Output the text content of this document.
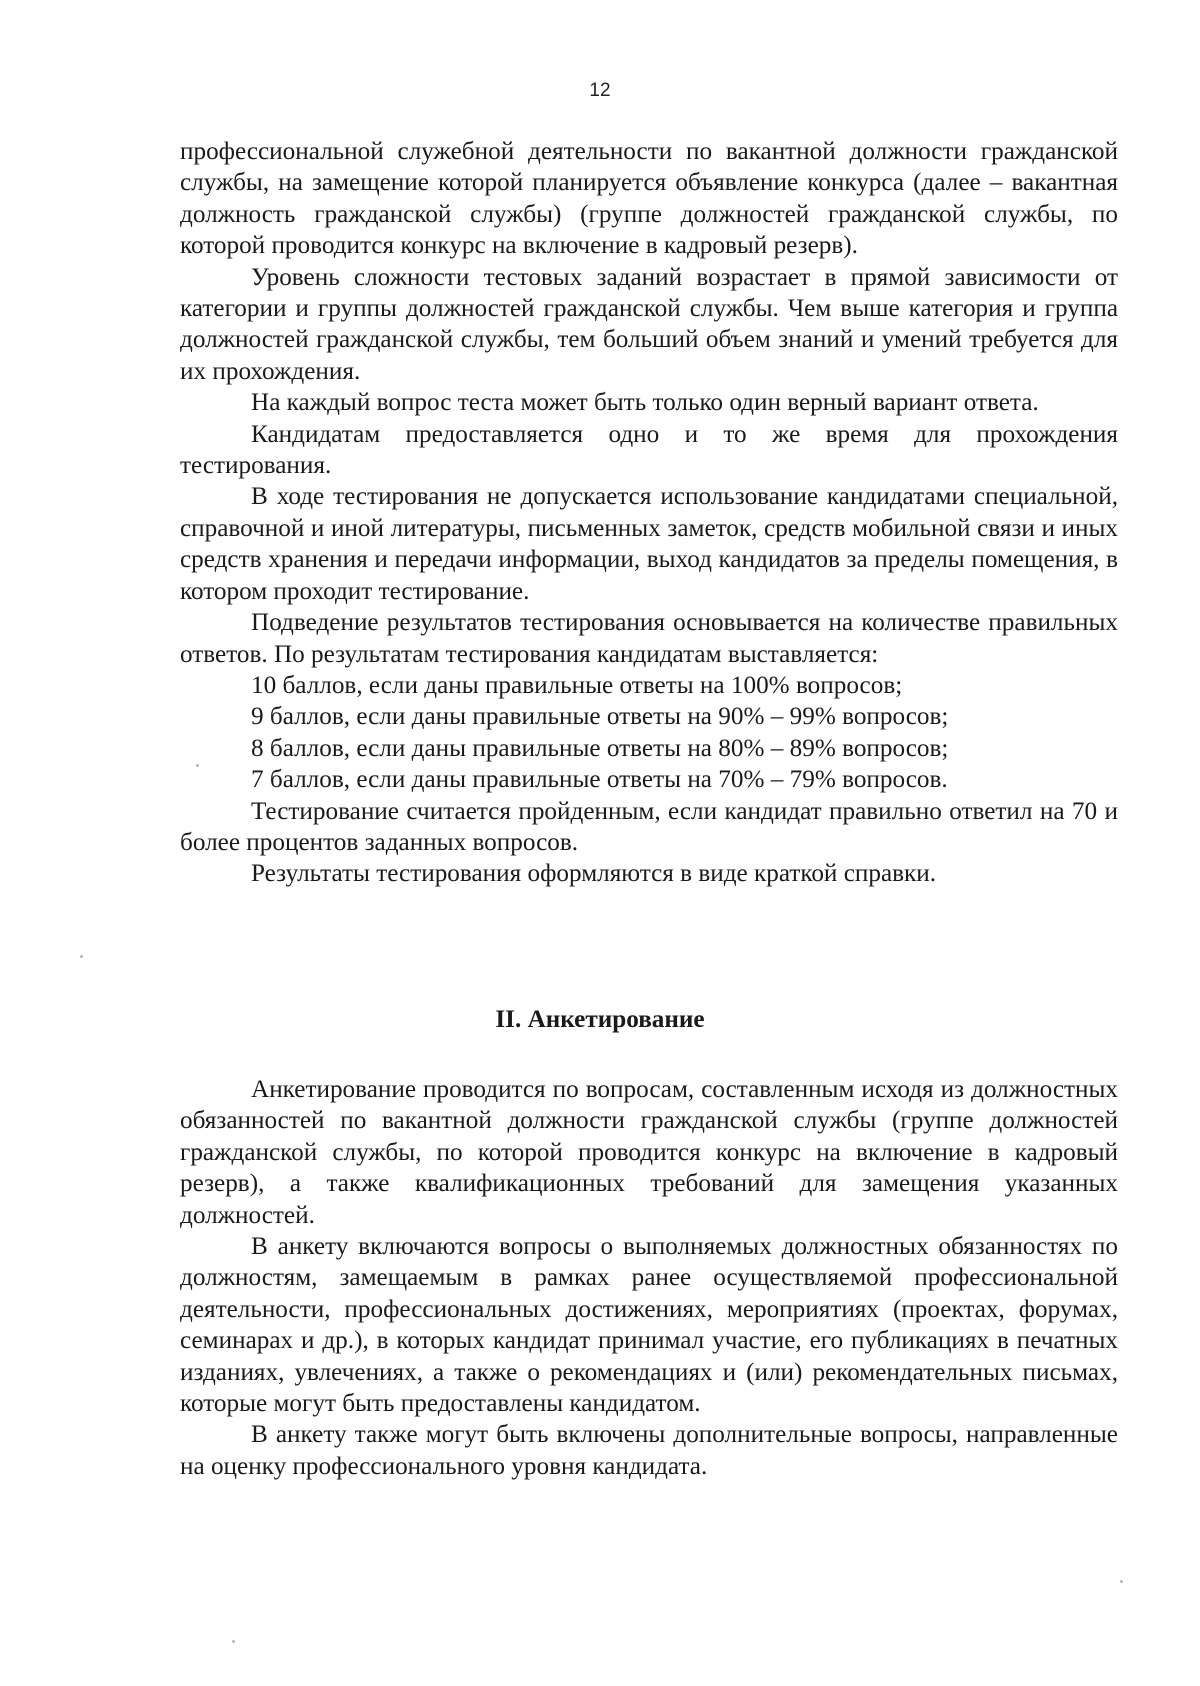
12

профессиональной служебной деятельности по вакантной должности гражданской службы, на замещение которой планируется объявление конкурса (далее – вакантная должность гражданской службы) (группе должностей гражданской службы, по которой проводится конкурс на включение в кадровый резерв).

Уровень сложности тестовых заданий возрастает в прямой зависимости от категории и группы должностей гражданской службы. Чем выше категория и группа должностей гражданской службы, тем больший объем знаний и умений требуется для их прохождения.

На каждый вопрос теста может быть только один верный вариант ответа.

Кандидатам предоставляется одно и то же время для прохождения тестирования.

В ходе тестирования не допускается использование кандидатами специальной, справочной и иной литературы, письменных заметок, средств мобильной связи и иных средств хранения и передачи информации, выход кандидатов за пределы помещения, в котором проходит тестирование.

Подведение результатов тестирования основывается на количестве правильных ответов. По результатам тестирования кандидатам выставляется:

10 баллов, если даны правильные ответы на 100% вопросов;

9 баллов, если даны правильные ответы на 90% – 99% вопросов;

8 баллов, если даны правильные ответы на 80% – 89% вопросов;

7 баллов, если даны правильные ответы на 70% – 79% вопросов.

Тестирование считается пройденным, если кандидат правильно ответил на 70 и более процентов заданных вопросов.

Результаты тестирования оформляются в виде краткой справки.

II. Анкетирование

Анкетирование проводится по вопросам, составленным исходя из должностных обязанностей по вакантной должности гражданской службы (группе должностей гражданской службы, по которой проводится конкурс на включение в кадровый резерв), а также квалификационных требований для замещения указанных должностей.

В анкету включаются вопросы о выполняемых должностных обязанностях по должностям, замещаемым в рамках ранее осуществляемой профессиональной деятельности, профессиональных достижениях, мероприятиях (проектах, форумах, семинарах и др.), в которых кандидат принимал участие, его публикациях в печатных изданиях, увлечениях, а также о рекомендациях и (или) рекомендательных письмах, которые могут быть предоставлены кандидатом.

В анкету также могут быть включены дополнительные вопросы, направленные на оценку профессионального уровня кандидата.
